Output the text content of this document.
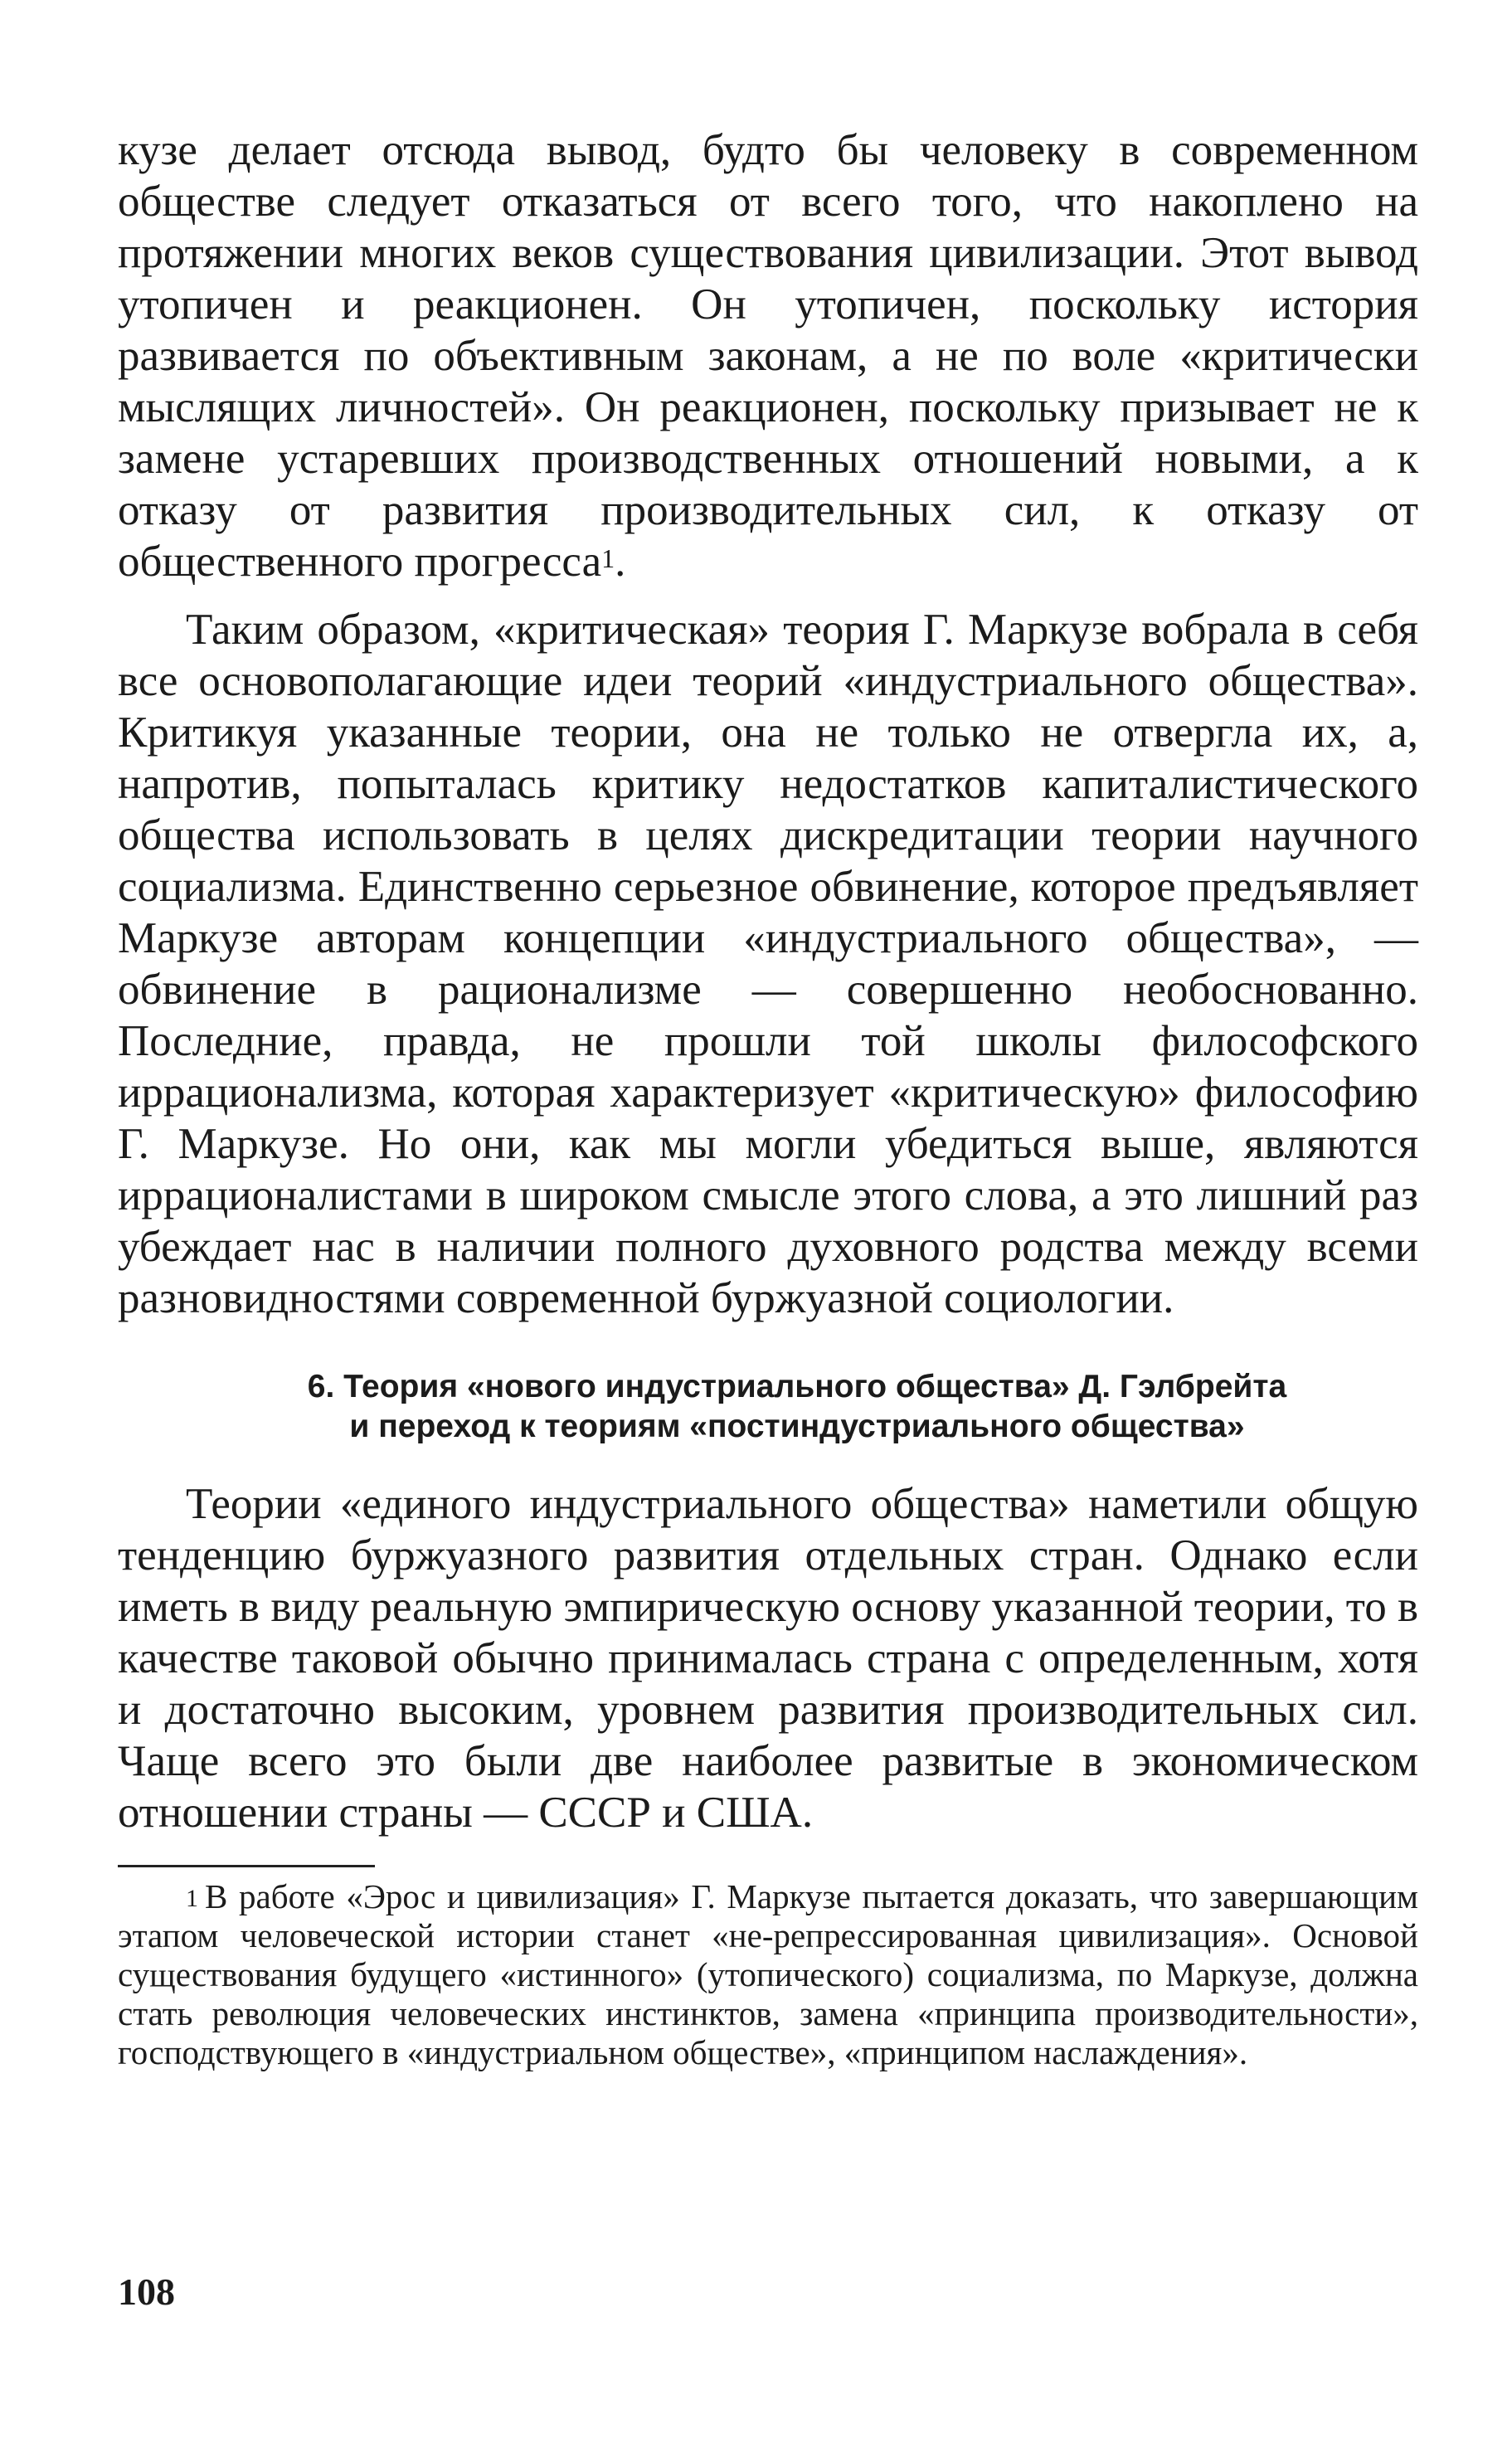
кузе делает отсюда вывод, будто бы человеку в современном обществе следует отказаться от всего того, что накоплено на протяжении многих веков существования цивилизации. Этот вывод утопичен и реакционен. Он утопичен, поскольку история развивается по объективным законам, а не по воле «критически мыслящих личностей». Он реакционен, поскольку призывает не к замене устаревших производственных отношений новыми, а к отказу от развития производительных сил, к отказу от общественного прогресса$^1$.

Таким образом, «критическая» теория Г. Маркузе вобрала в себя все основополагающие идеи теорий «индустриального общества». Критикуя указанные теории, она не только не отвергла их, а, напротив, попыталась критику недостатков капиталистического общества использовать в целях дискредитации теории научного социализма. Единственно серьезное обвинение, которое предъявляет Маркузе авторам концепции «индустриального общества», — обвинение в рационализме — совершенно необоснованно. Последние, правда, не прошли той школы философского иррационализма, которая характеризует «критическую» философию Г. Маркузе. Но они, как мы могли убедиться выше, являются иррационалистами в широком смысле этого слова, а это лишний раз убеждает нас в наличии полного духовного родства между всеми разновидностями современной буржуазной социологии.

6. Теория «нового индустриального общества» Д. Гэлбрейта
и переход к теориям «постиндустриального общества»

Теории «единого индустриального общества» наметили общую тенденцию буржуазного развития отдельных стран. Однако если иметь в виду реальную эмпирическую основу указанной теории, то в качестве таковой обычно принималась страна с определенным, хотя и достаточно высоким, уровнем развития производительных сил. Чаще всего это были две наиболее развитые в экономическом отношении страны — СССР и США.

$^1$ В работе «Эрос и цивилизация» Г. Маркузе пытается доказать, что завершающим этапом человеческой истории станет «не-репрессированная цивилизация». Основой существования будущего «истинного» (утопического) социализма, по Маркузе, должна стать революция человеческих инстинктов, замена «принципа производительности», господствующего в «индустриальном обществе», «принципом наслаждения».

108
